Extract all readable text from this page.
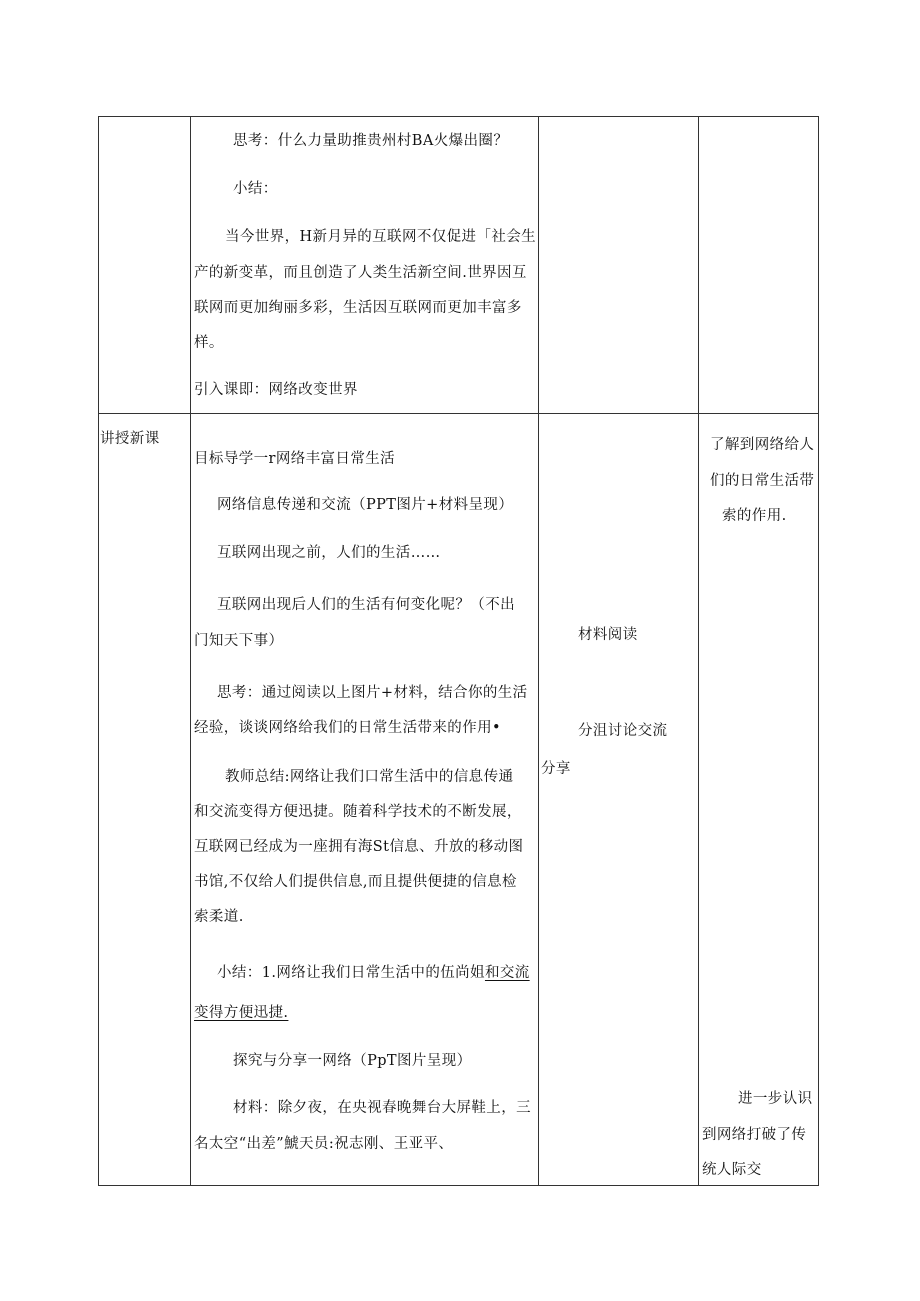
思考：什么力量助推贵州村BA火爆出圈？
小结：
当今世界，H新月异的互联网不仅促进「社会生
产的新变革，而且创造了人类生活新空间.世界因互
联网而更加绚丽多彩，生活因互联网而更加丰富多
样。
引入课即：网络改变世界
讲授新课
目标导学一r网络丰富日常生活
网络信息传递和交流（PPT图片+材料呈现）
互联网出现之前，人们的生活……
互联网出现后人们的生活有何变化呢？（不出
门知天下事）
思考：通过阅读以上图片+材料，结合你的生活
经验，谈谈网络给我们的日常生活带来的作用•
教师总结:网络让我们口常生活中的信息传通
和交流变得方便迅捷。随着科学技术的不断发展，
互联网已经成为一座拥有海St信息、升放的移动图
书馆,不仅给人们提供信息,而且提供便捷的信息检
索柔道.
小结：1.网络让我们日常生活中的伍尚姐和交流
变得方便迅捷.
探究与分享一网络（PpT图片呈现）
材料：除夕夜，在央视春晚舞台大屏鞋上，三
名太空“出差”鯱天员:祝志刚、王亚平、
材料阅读
分沮讨论交流
分享
了解到网络给人
们的日常生活带
索的作用.
进一步认识
到网络打破了传
统人际交
